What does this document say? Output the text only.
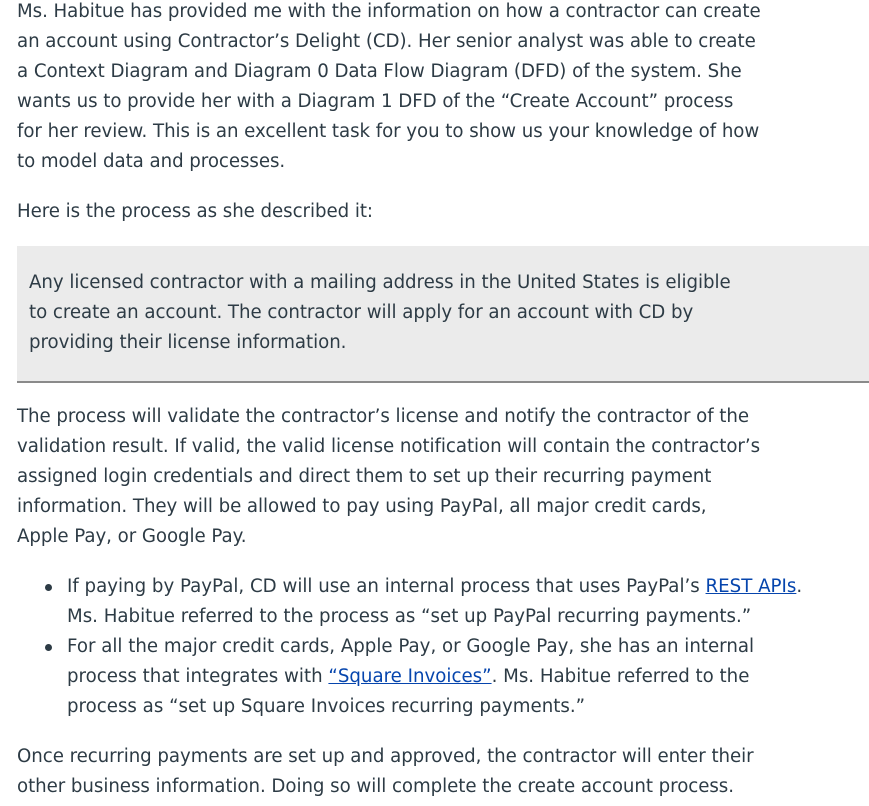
Ms. Habitue has provided me with the information on how a contractor can create an account using Contractor’s Delight (CD). Her senior analyst was able to create a Context Diagram and Diagram 0 Data Flow Diagram (DFD) of the system. She wants us to provide her with a Diagram 1 DFD of the “Create Account” process for her review. This is an excellent task for you to show us your knowledge of how to model data and processes.

Here is the process as she described it:

Any licensed contractor with a mailing address in the United States is eligible to create an account. The contractor will apply for an account with CD by providing their license information.

The process will validate the contractor’s license and notify the contractor of the validation result. If valid, the valid license notification will contain the contractor’s assigned login credentials and direct them to set up their recurring payment information. They will be allowed to pay using PayPal, all major credit cards, Apple Pay, or Google Pay.

If paying by PayPal, CD will use an internal process that uses PayPal’s REST APIs. Ms. Habitue referred to the process as “set up PayPal recurring payments.”
For all the major credit cards, Apple Pay, or Google Pay, she has an internal process that integrates with “Square Invoices”. Ms. Habitue referred to the process as “set up Square Invoices recurring payments.”

Once recurring payments are set up and approved, the contractor will enter their other business information. Doing so will complete the create account process.
